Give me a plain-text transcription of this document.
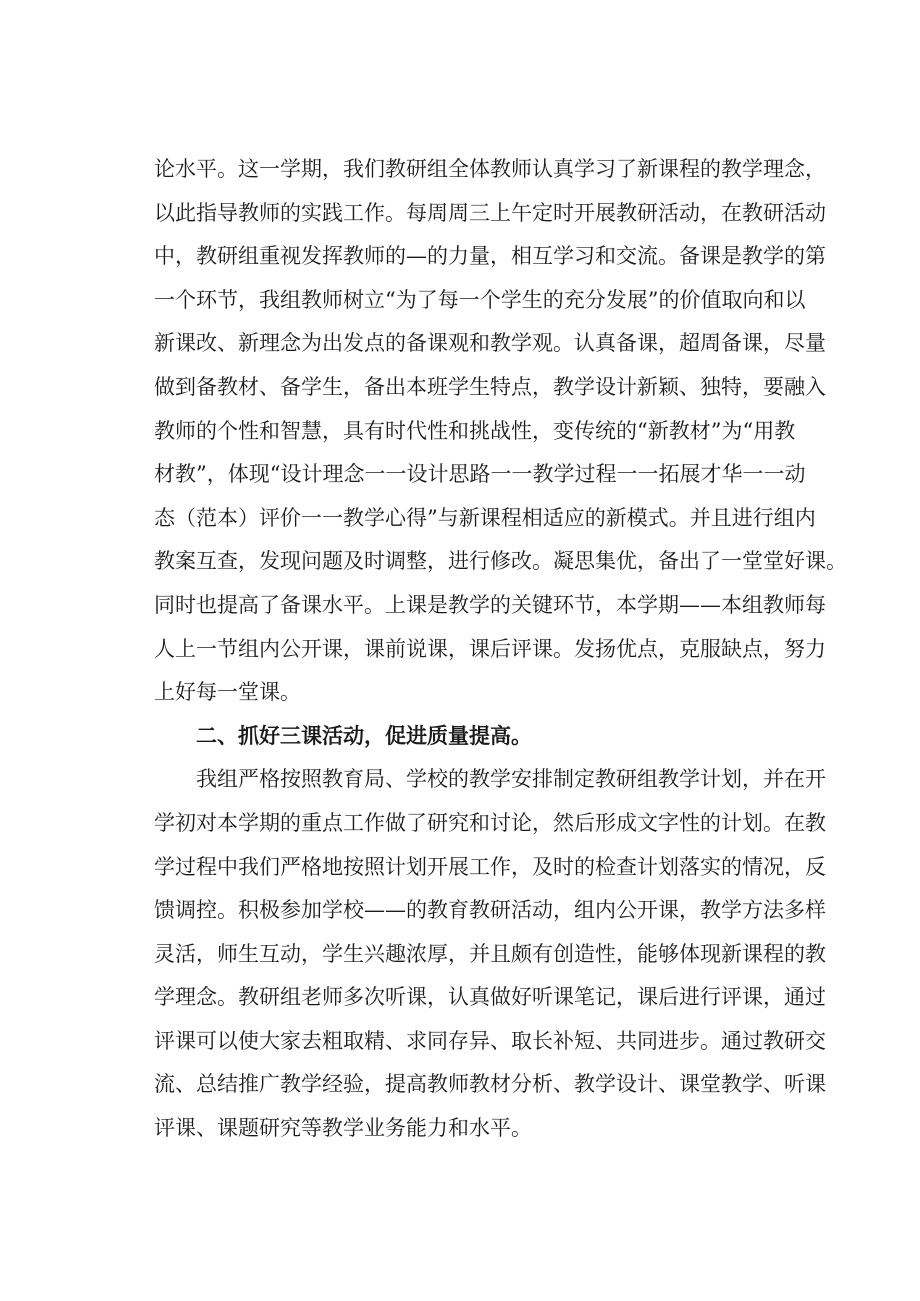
论水平。这一学期，我们教研组全体教师认真学习了新课程的教学理念，
以此指导教师的实践工作。每周周三上午定时开展教研活动，在教研活动
中，教研组重视发挥教师的—的力量，相互学习和交流。备课是教学的第
一个环节，我组教师树立“为了每一个学生的充分发展”的价值取向和以
新课改、新理念为出发点的备课观和教学观。认真备课，超周备课，尽量
做到备教材、备学生，备出本班学生特点，教学设计新颖、独特，要融入
教师的个性和智慧，具有时代性和挑战性，变传统的“新教材”为“用教
材教”，体现“设计理念一一设计思路一一教学过程一一拓展才华一一动
态（范本）评价一一教学心得”与新课程相适应的新模式。并且进行组内
教案互查，发现问题及时调整，进行修改。凝思集优，备出了一堂堂好课。
同时也提高了备课水平。上课是教学的关键环节，本学期——本组教师每
人上一节组内公开课，课前说课，课后评课。发扬优点，克服缺点，努力
上好每一堂课。
二、抓好三课活动，促进质量提高。
我组严格按照教育局、学校的教学安排制定教研组教学计划，并在开
学初对本学期的重点工作做了研究和讨论，然后形成文字性的计划。在教
学过程中我们严格地按照计划开展工作，及时的检查计划落实的情况，反
馈调控。积极参加学校——的教育教研活动，组内公开课，教学方法多样
灵活，师生互动，学生兴趣浓厚，并且颇有创造性，能够体现新课程的教
学理念。教研组老师多次听课，认真做好听课笔记，课后进行评课，通过
评课可以使大家去粗取精、求同存异、取长补短、共同进步。通过教研交
流、总结推广教学经验，提高教师教材分析、教学设计、课堂教学、听课
评课、课题研究等教学业务能力和水平。
